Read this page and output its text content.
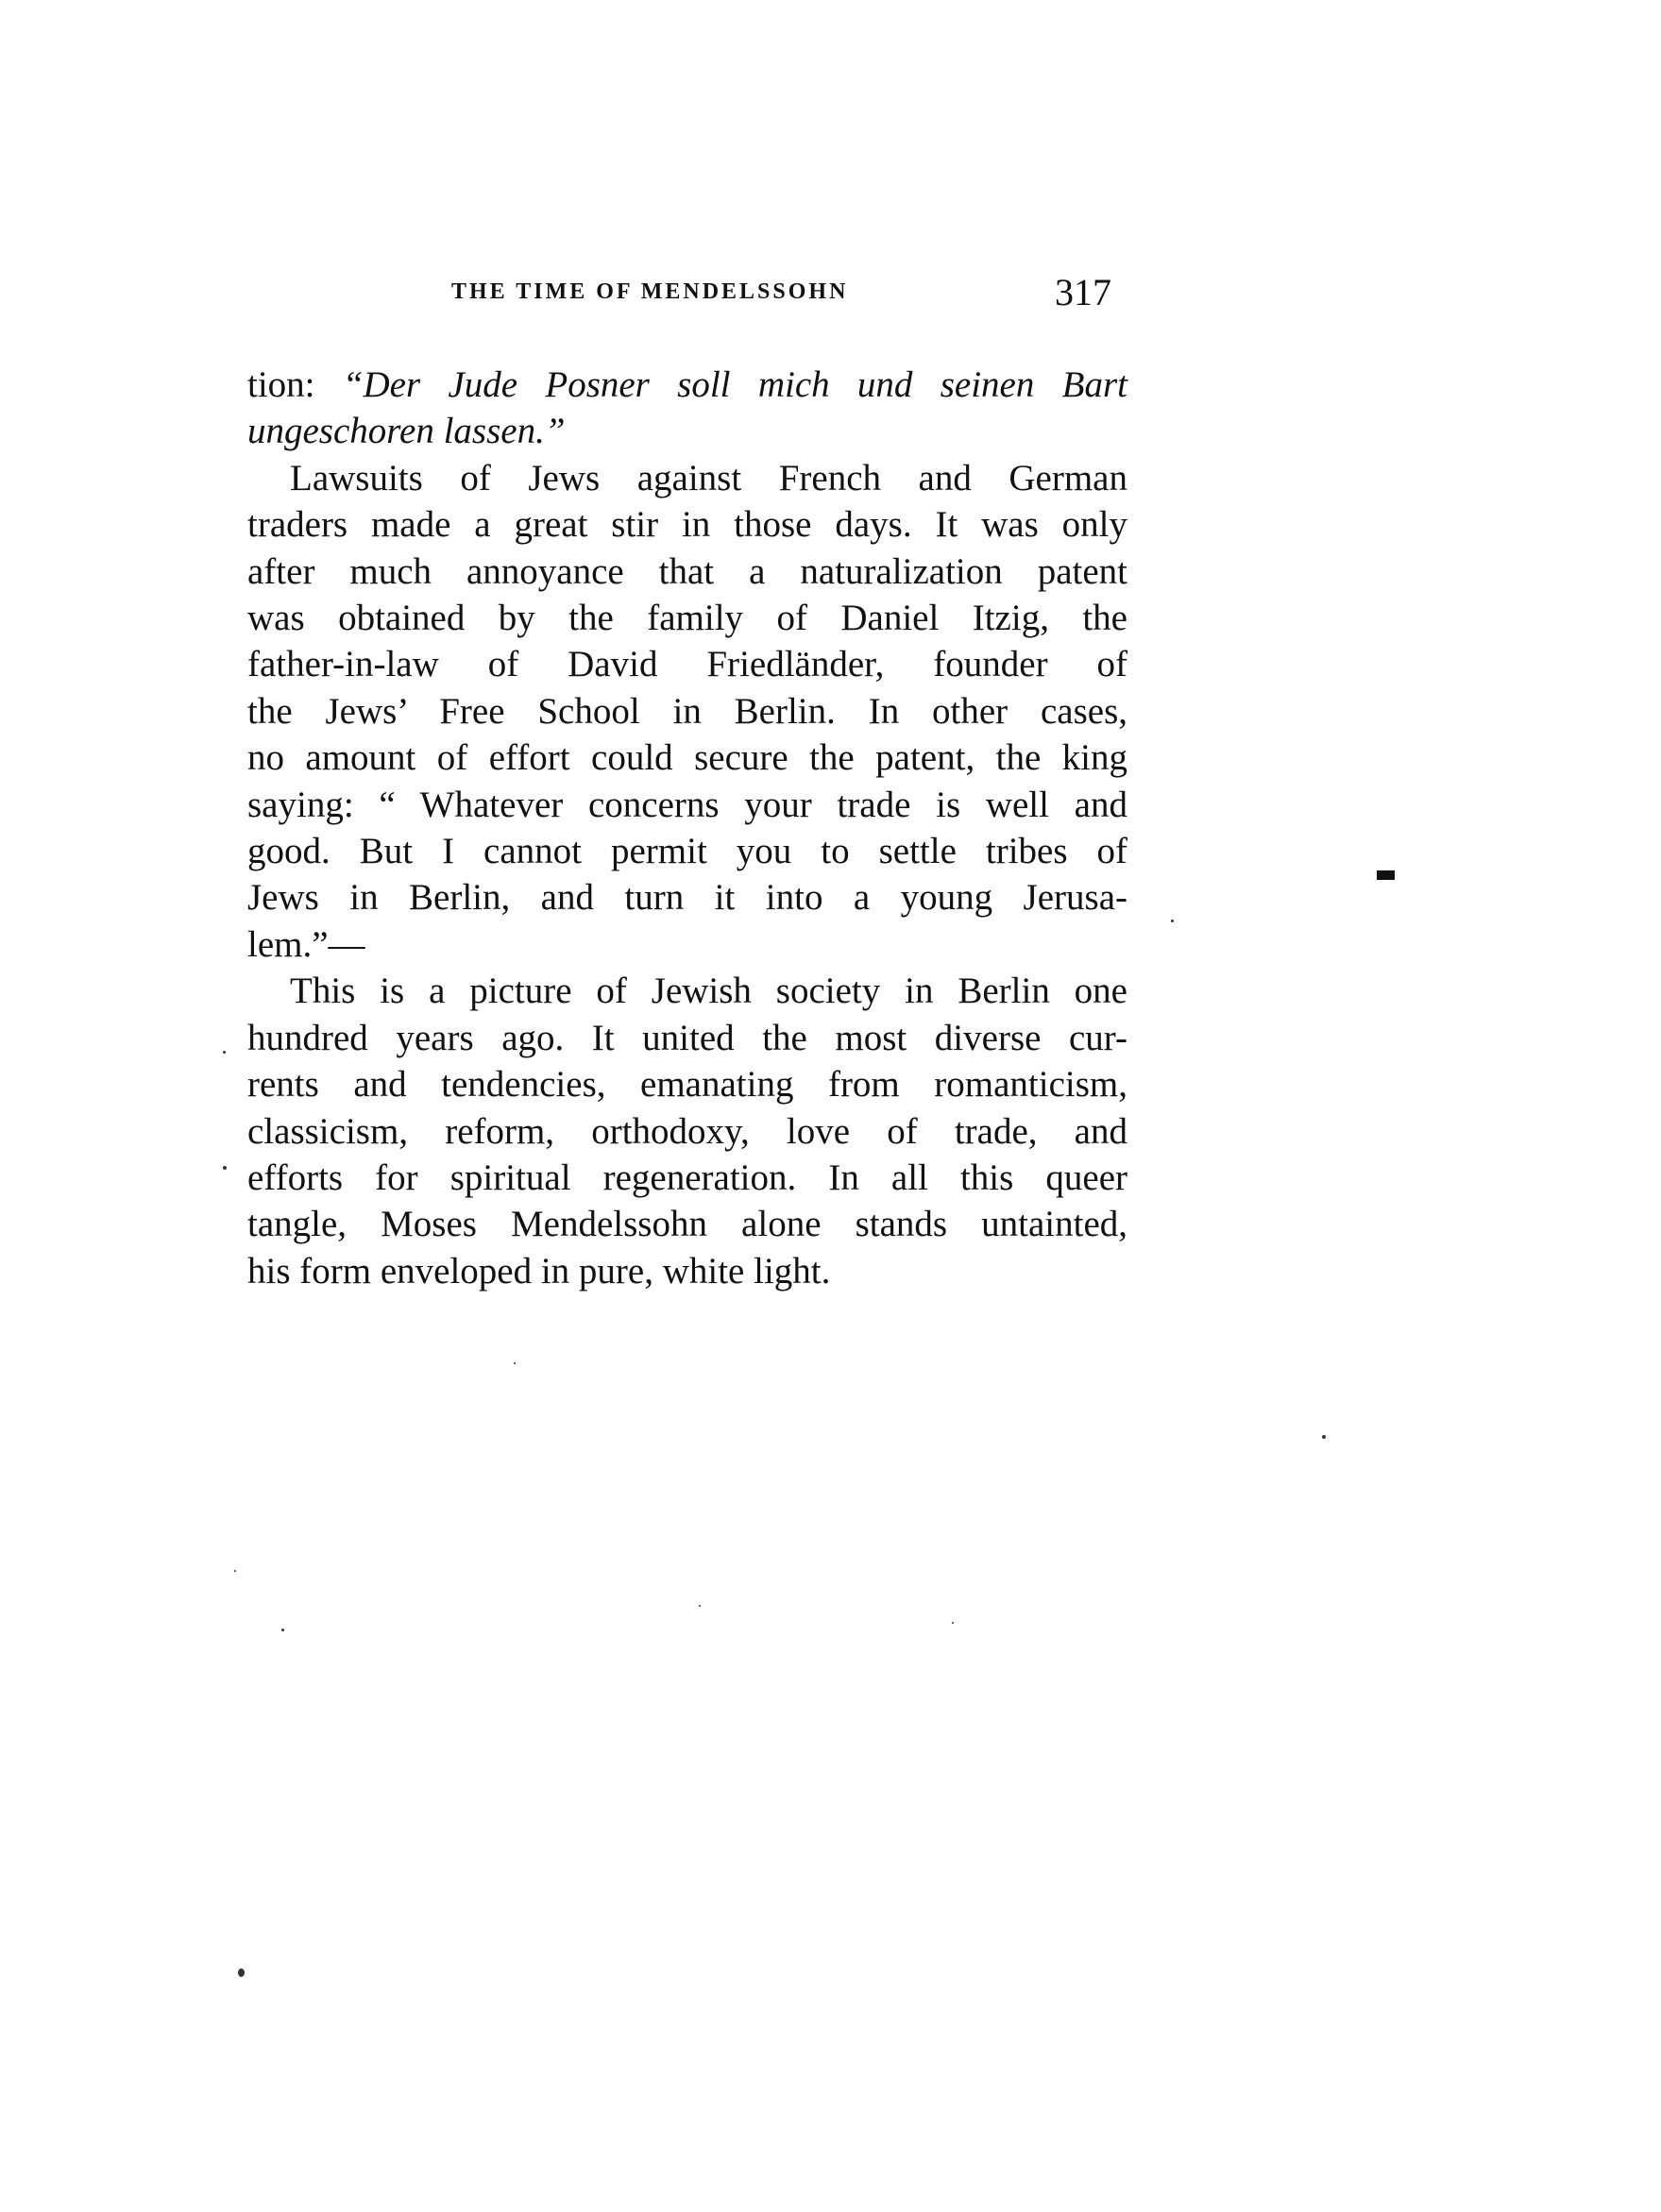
THE TIME OF MENDELSSOHN	317
tion: “Der Jude Posner soll mich und seinen Bart
ungeschoren lassen.”
Lawsuits of Jews against French and German
traders made a great stir in those days. It was only
after much annoyance that a naturalization patent
was obtained by the family of Daniel Itzig, the
father-in-law of David Friedländer, founder of
the Jews’ Free School in Berlin. In other cases,
no amount of effort could secure the patent, the king
saying: “ Whatever concerns your trade is well and
good. But I cannot permit you to settle tribes of
Jews in Berlin, and turn it into a young Jerusa-
lem.”—
This is a picture of Jewish society in Berlin one
hundred years ago. It united the most diverse cur-
rents and tendencies, emanating from romanticism,
classicism, reform, orthodoxy, love of trade, and
efforts for spiritual regeneration. In all this queer
tangle, Moses Mendelssohn alone stands untainted,
his form enveloped in pure, white light.
